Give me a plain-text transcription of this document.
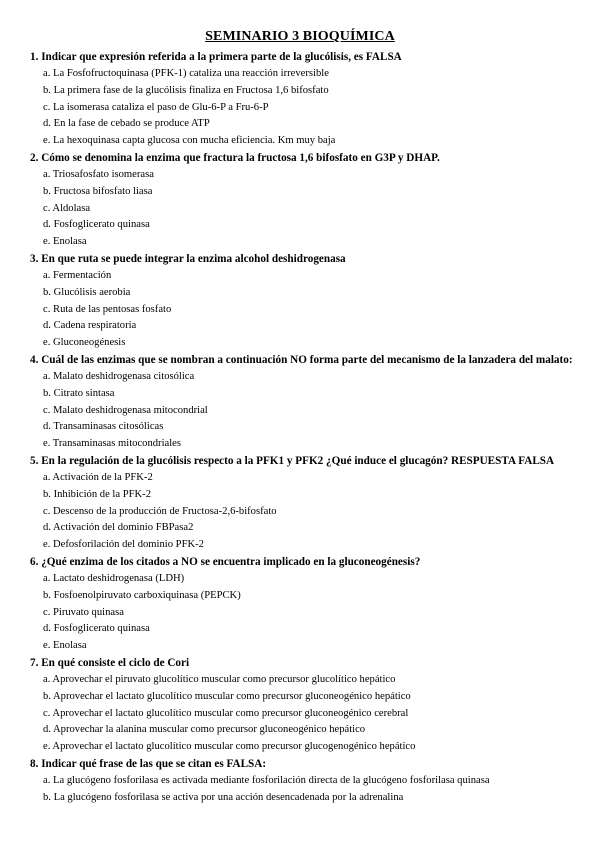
SEMINARIO 3 BIOQUÍMICA
1. Indicar que expresión referida a la primera parte de la glucólisis, es FALSA
a. La Fosfofructoquinasa (PFK-1) cataliza una reacción irreversible
b. La primera fase de la glucólisis finaliza en Fructosa 1,6 bifosfato
c. La isomerasa cataliza el paso de Glu-6-P a Fru-6-P
d. En la fase de cebado se produce ATP
e. La hexoquinasa capta glucosa con mucha eficiencia. Km muy baja
2. Cómo se denomina la enzima que fractura la fructosa 1,6 bifosfato en G3P y DHAP.
a. Triosafosfato isomerasa
b. Fructosa bifosfato liasa
c. Aldolasa
d. Fosfoglicerato quinasa
e. Enolasa
3. En que ruta se puede integrar la enzima alcohol deshidrogenasa
a. Fermentación
b. Glucólisis aerobia
c. Ruta de las pentosas fosfato
d. Cadena respiratoria
e. Gluconeogénesis
4. Cuál de las enzimas que se nombran a continuación NO forma parte del mecanismo de la lanzadera del malato:
a. Malato deshidrogenasa citosólica
b. Citrato sintasa
c. Malato deshidrogenasa mitocondrial
d. Transaminasas citosólicas
e. Transaminasas mitocondriales
5. En la regulación de la glucólisis respecto a la PFK1 y PFK2 ¿Qué induce el glucagón? RESPUESTA FALSA
a. Activación de la PFK-2
b. Inhibición de la PFK-2
c. Descenso de la producción de Fructosa-2,6-bifosfato
d. Activación del dominio FBPasa2
e. Defosforilación del dominio PFK-2
6. ¿Qué enzima de los citados a NO se encuentra implicado en la gluconeogénesis?
a. Lactato deshidrogenasa (LDH)
b. Fosfoenolpiruvato carboxiquinasa (PEPCK)
c. Piruvato quinasa
d. Fosfoglicerato quinasa
e. Enolasa
7. En qué consiste el ciclo de Cori
a. Aprovechar el piruvato glucolítico muscular como precursor glucolítico hepático
b. Aprovechar el lactato glucolítico muscular como precursor gluconeogénico hepático
c. Aprovechar el lactato glucolítico muscular como precursor gluconeogénico cerebral
d. Aprovechar la alanina muscular como precursor gluconeogénico hepático
e. Aprovechar el lactato glucolítico muscular como precursor glucogenogénico hepático
8. Indicar qué frase de las que se citan es FALSA:
a. La glucógeno fosforilasa es activada mediante fosforilación directa de la glucógeno fosforilasa quinasa
b. La glucógeno fosforilasa se activa por una acción desencadenada por la adrenalina
